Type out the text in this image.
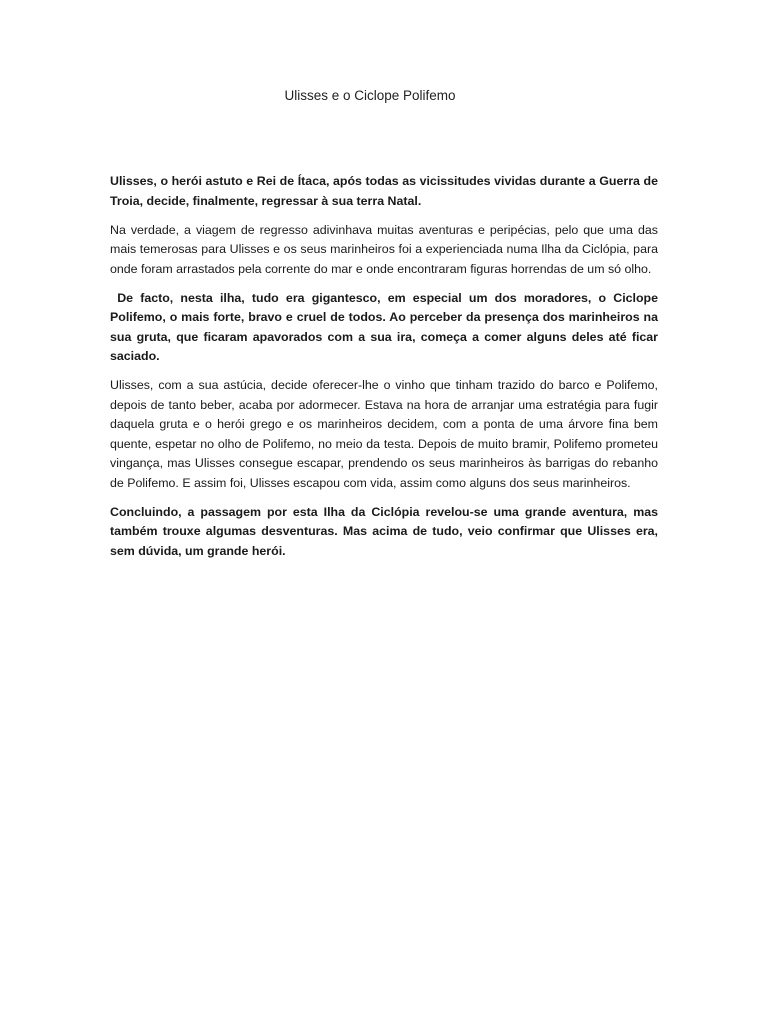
Ulisses e o Ciclope Polifemo

Ulisses, o herói astuto e Rei de Ítaca, após todas as vicissitudes vividas durante a Guerra de Troia, decide, finalmente, regressar à sua terra Natal.

Na verdade, a viagem de regresso adivinhava muitas aventuras e peripécias, pelo que uma das mais temerosas para Ulisses e os seus marinheiros foi a experienciada numa Ilha da Ciclópia, para onde foram arrastados pela corrente do mar e onde encontraram figuras horrendas de um só olho.

De facto, nesta ilha, tudo era gigantesco, em especial um dos moradores, o Ciclope Polifemo, o mais forte, bravo e cruel de todos. Ao perceber da presença dos marinheiros na sua gruta, que ficaram apavorados com a sua ira, começa a comer alguns deles até ficar saciado.

Ulisses, com a sua astúcia, decide oferecer-lhe o vinho que tinham trazido do barco e Polifemo, depois de tanto beber, acaba por adormecer. Estava na hora de arranjar uma estratégia para fugir daquela gruta e o herói grego e os marinheiros decidem, com a ponta de uma árvore fina bem quente, espetar no olho de Polifemo, no meio da testa. Depois de muito bramir, Polifemo prometeu vingança, mas Ulisses consegue escapar, prendendo os seus marinheiros às barrigas do rebanho de Polifemo. E assim foi, Ulisses escapou com vida, assim como alguns dos seus marinheiros.

Concluindo, a passagem por esta Ilha da Ciclópia revelou-se uma grande aventura, mas também trouxe algumas desventuras. Mas acima de tudo, veio confirmar que Ulisses era, sem dúvida, um grande herói.
